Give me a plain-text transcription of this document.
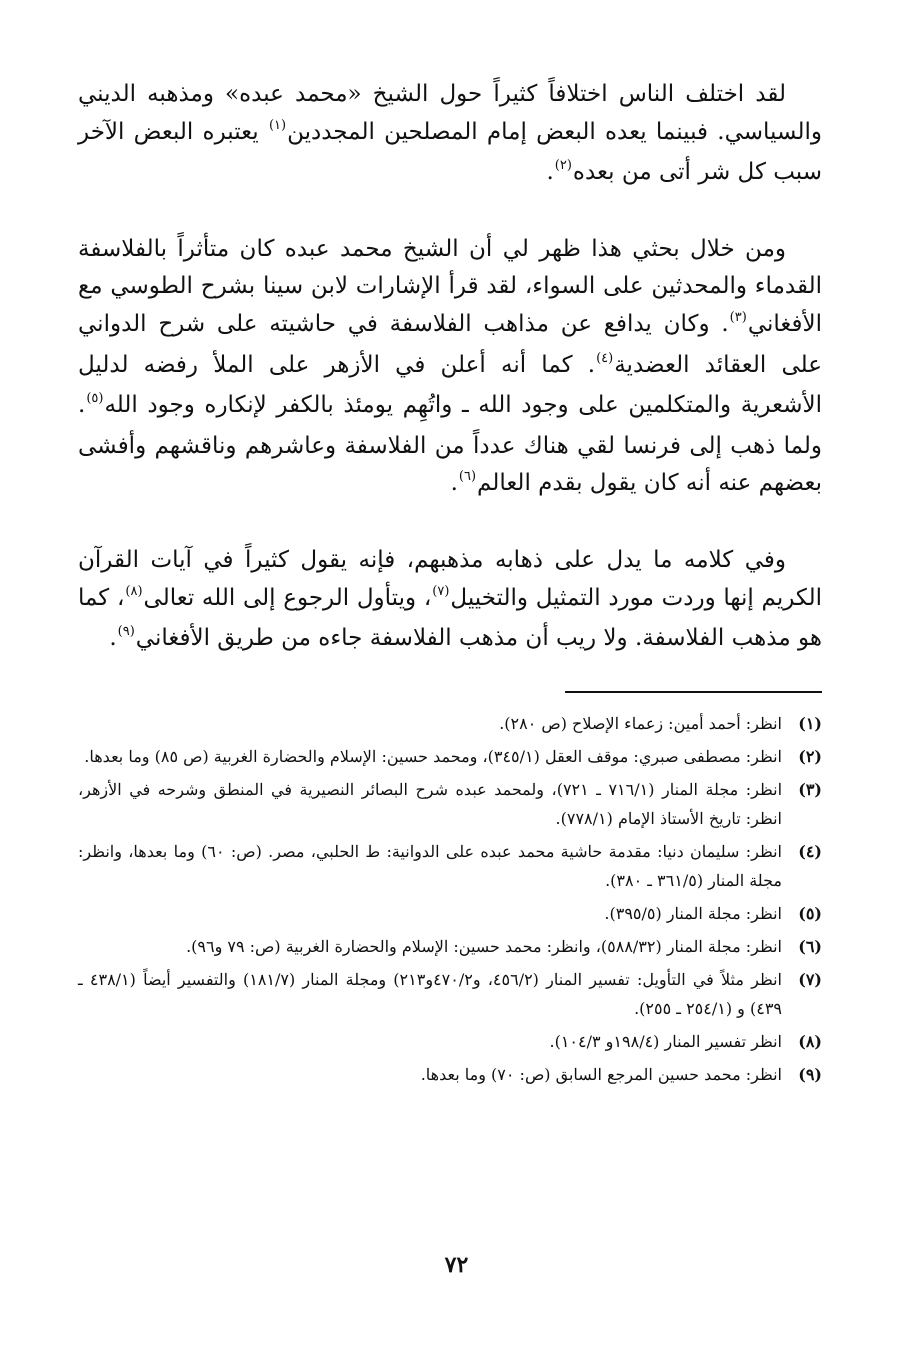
لقد اختلف الناس اختلافاً كثيراً حول الشيخ «محمد عبده» ومذهبه الديني والسياسي. فبينما يعده البعض إمام المصلحين المجددين$^{(١)}$ يعتبره البعض الآخر سبب كل شر أتى من بعده$^{(٢)}$.

ومن خلال بحثي هذا ظهر لي أن الشيخ محمد عبده كان متأثراً بالفلاسفة القدماء والمحدثين على السواء، لقد قرأ الإشارات لابن سينا بشرح الطوسي مع الأفغاني$^{(٣)}$. وكان يدافع عن مذاهب الفلاسفة في حاشيته على شرح الدواني على العقائد العضدية$^{(٤)}$. كما أنه أعلن في الأزهر على الملأ رفضه لدليل الأشعرية والمتكلمين على وجود الله ـ واتُهِم يومئذ بالكفر لإنكاره وجود الله$^{(٥)}$. ولما ذهب إلى فرنسا لقي هناك عدداً من الفلاسفة وعاشرهم وناقشهم وأفشى بعضهم عنه أنه كان يقول بقدم العالم$^{(٦)}$.

وفي كلامه ما يدل على ذهابه مذهبهم، فإنه يقول كثيراً في آيات القرآن الكريم إنها وردت مورد التمثيل والتخييل$^{(٧)}$، ويتأول الرجوع إلى الله تعالى$^{(٨)}$، كما هو مذهب الفلاسفة. ولا ريب أن مذهب الفلاسفة جاءه من طريق الأفغاني$^{(٩)}$.

(١)
انظر: أحمد أمين: زعماء الإصلاح (ص ٢٨٠).
(٢)
انظر: مصطفى صبري: موقف العقل (٣٤٥/١)، ومحمد حسين: الإسلام والحضارة الغربية (ص ٨٥) وما بعدها.
(٣)
انظر: مجلة المنار (٧١٦/١ ـ ٧٢١)، ولمحمد عبده شرح البصائر النصيرية في المنطق وشرحه في الأزهر، انظر: تاريخ الأستاذ الإمام (٧٧٨/١).
(٤)
انظر: سليمان دنيا: مقدمة حاشية محمد عبده على الدوانية: ط الحلبي، مصر. (ص: ٦٠) وما بعدها، وانظر: مجلة المنار (٣٦١/٥ ـ ٣٨٠).
(٥)
انظر: مجلة المنار (٣٩٥/٥).
(٦)
انظر: مجلة المنار (٥٨٨/٣٢)، وانظر: محمد حسين: الإسلام والحضارة الغربية (ص: ٧٩ و٩٦).
(٧)
انظر مثلاً في التأويل: تفسير المنار (٤٥٦/٢، و٤٧٠/٢و٢١٣) ومجلة المنار (١٨١/٧) والتفسير أيضاً (٤٣٨/١ ـ ٤٣٩) و (٢٥٤/١ ـ ٢٥٥).
(٨)
انظر تفسير المنار (١٩٨/٤و ١٠٤/٣).
(٩)
انظر: محمد حسين المرجع السابق (ص: ٧٠) وما بعدها.
٧٢
